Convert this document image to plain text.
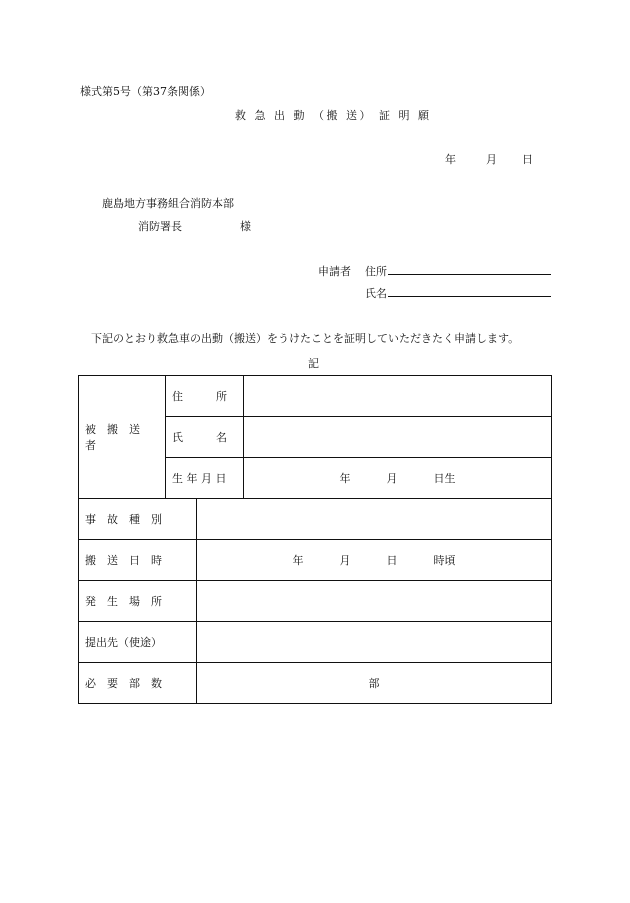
様式第5号（第37条関係）
救 急 出 動 （搬 送） 証 明 願
年	月 日
鹿島地方事務組合消防本部
消防署長	様
申請者 住所
氏名
下記のとおり救急車の出動（搬送）をうけたことを証明していただきたく申請します。
記
被　搬　送　者	住　　　所		
	氏　　　名		
	生 年 月 日		年 月 日生

事　故　種　別			
搬　送　日　時		年 月 日 時頃	

発　生　場　所			
提出先（使途）			
必　要　部　数		部	
